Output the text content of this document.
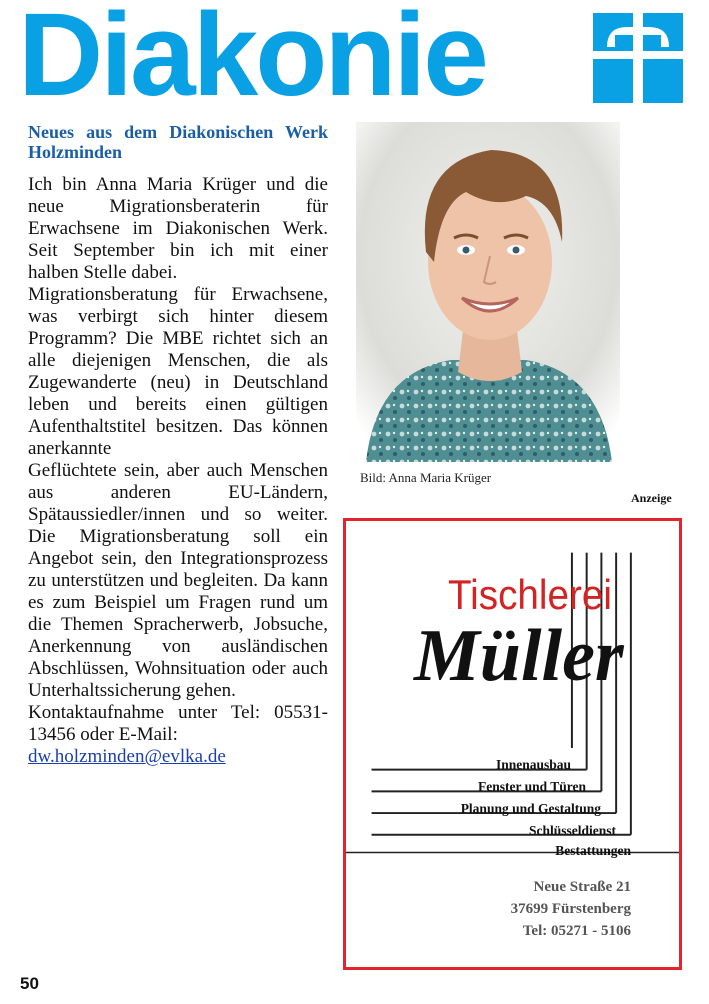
Diakonie
Neues aus dem Diakonischen Werk Holzminden

Ich bin Anna Maria Krüger und die neue Migrationsberaterin für Erwachsene im Diakonischen Werk. Seit September bin ich mit einer halben Stelle dabei.

Migrationsberatung für Erwachsene, was verbirgt sich hinter diesem Programm? Die MBE richtet sich an alle diejenigen Menschen, die als Zugewanderte (neu) in Deutschland leben und bereits einen gültigen Aufenthaltstitel besitzen. Das können anerkannte

Geflüchtete sein, aber auch Menschen aus anderen EU-Ländern, Spätaussiedler/innen und so weiter. Die Migrationsberatung soll ein Angebot sein, den Integrationsprozess zu unterstützen und begleiten. Da kann es zum Beispiel um Fragen rund um die Themen Spracherwerb, Jobsuche, Anerkennung von ausländischen Abschlüssen, Wohnsituation oder auch Unterhaltssicherung gehen.

Kontaktaufnahme unter Tel: 05531-13456 oder E-Mail:

dw.holzminden@evlka.de
Bild: Anna Maria Krüger
Anzeige
Tischlerei
Müller
Innenausbau
Fenster und Türen
Planung und Gestaltung
Schlüsseldienst
Bestattungen
Neue Straße 21
37699 Fürstenberg
Tel: 05271 - 5106
50
